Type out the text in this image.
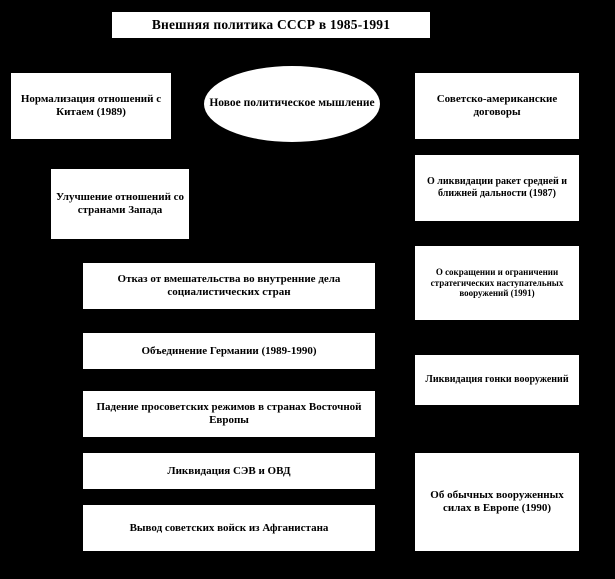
Внешняя политика СССР в 1985-1991
Новое политическое мышление
Нормализация отношений с Китаем (1989)
Улучшение отношений со странами Запада
Отказ от вмешательства во внутренние дела социалистических стран
Объединение Германии (1989-1990)
Падение просоветских режимов в странах Восточной Европы
Ликвидация СЭВ и ОВД
Вывод советских войск из Афганистана
Советско-американские договоры
О ликвидации ракет средней и ближней дальности (1987)
О сокращении и ограничении стратегических наступательных вооружений (1991)
Ликвидация гонки вооружений
Об обычных вооруженных силах в Европе (1990)
